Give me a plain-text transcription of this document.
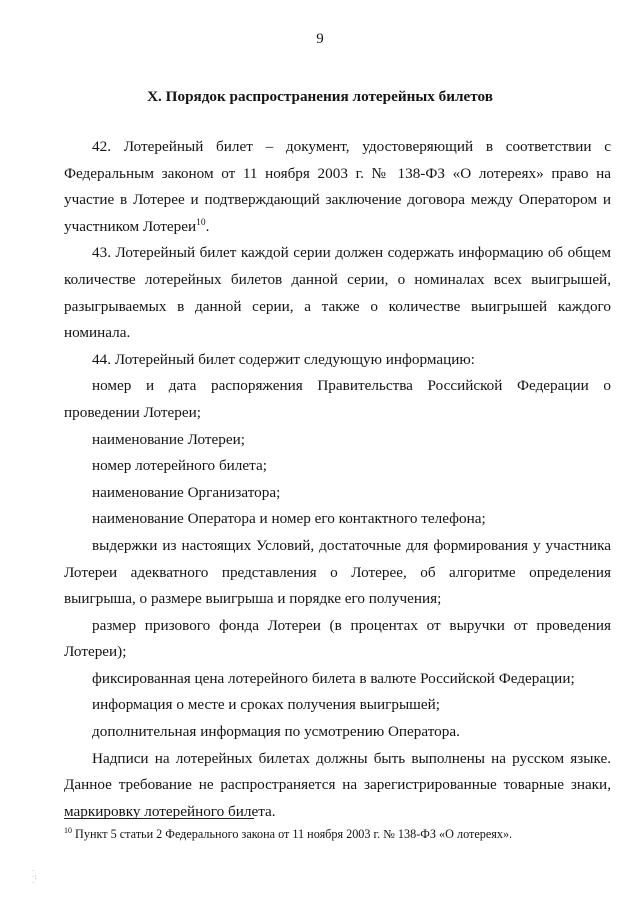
9
X. Порядок распространения лотерейных билетов

42. Лотерейный билет – документ, удостоверяющий в соответствии с Федеральным законом от 11 ноября 2003 г. № 138-ФЗ «О лотереях» право на участие в Лотерее и подтверждающий заключение договора между Оператором и участником Лотереи$^{10}$.

43. Лотерейный билет каждой серии должен содержать информацию об общем количестве лотерейных билетов данной серии, о номиналах всех выигрышей, разыгрываемых в данной серии, а также о количестве выигрышей каждого номинала.

44. Лотерейный билет содержит следующую информацию:

номер и дата распоряжения Правительства Российской Федерации о проведении Лотереи;

наименование Лотереи;

номер лотерейного билета;

наименование Организатора;

наименование Оператора и номер его контактного телефона;

выдержки из настоящих Условий, достаточные для формирования у участника Лотереи адекватного представления о Лотерее, об алгоритме определения выигрыша, о размере выигрыша и порядке его получения;

размер призового фонда Лотереи (в процентах от выручки от проведения Лотереи);

фиксированная цена лотерейного билета в валюте Российской Федерации;

информация о месте и сроках получения выигрышей;

дополнительная информация по усмотрению Оператора.

Надписи на лотерейных билетах должны быть выполнены на русском языке. Данное требование не распространяется на зарегистрированные товарные знаки, маркировку лотерейного билета.

$^{10}$ Пункт 5 статьи 2 Федерального закона от 11 ноября 2003 г. № 138-ФЗ «О лотереях».
·
·:
·
